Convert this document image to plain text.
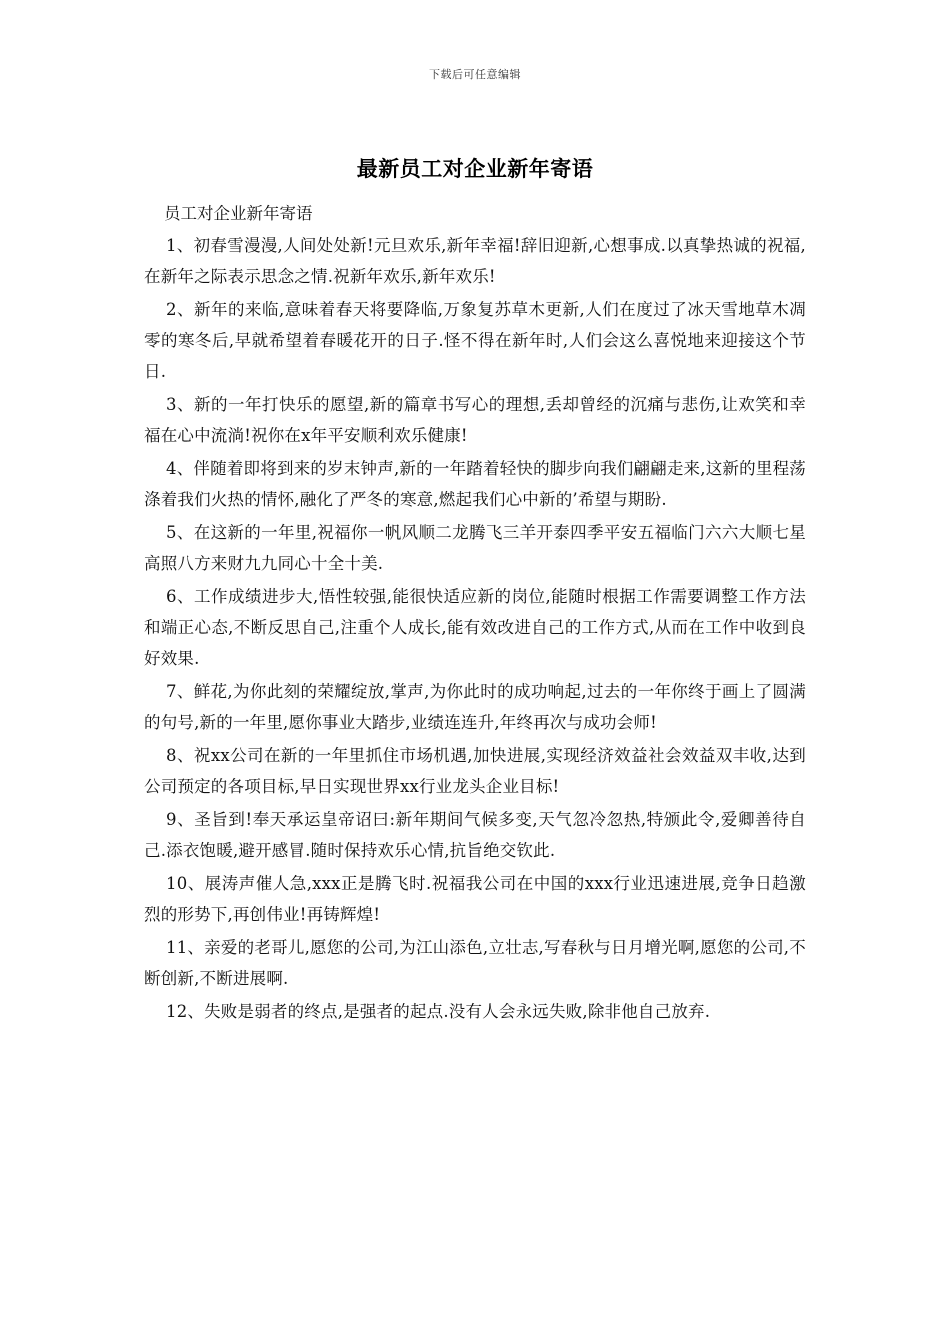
下载后可任意编辑
最新员工对企业新年寄语

员工对企业新年寄语

1、初春雪漫漫,人间处处新!元旦欢乐,新年幸福!辞旧迎新,心想事成.以真挚热诚的祝福,在新年之际表示思念之情.祝新年欢乐,新年欢乐!

2、新年的来临,意味着春天将要降临,万象复苏草木更新,人们在度过了冰天雪地草木凋零的寒冬后,早就希望着春暖花开的日子.怪不得在新年时,人们会这么喜悦地来迎接这个节日.

3、新的一年打快乐的愿望,新的篇章书写心的理想,丢却曾经的沉痛与悲伤,让欢笑和幸福在心中流淌!祝你在x年平安顺利欢乐健康!

4、伴随着即将到来的岁末钟声,新的一年踏着轻快的脚步向我们翩翩走来,这新的里程荡涤着我们火热的情怀,融化了严冬的寒意,燃起我们心中新的’希望与期盼.

5、在这新的一年里,祝福你一帆风顺二龙腾飞三羊开泰四季平安五福临门六六大顺七星高照八方来财九九同心十全十美.

6、工作成绩进步大,悟性较强,能很快适应新的岗位,能随时根据工作需要调整工作方法和端正心态,不断反思自己,注重个人成长,能有效改进自己的工作方式,从而在工作中收到良好效果.

7、鲜花,为你此刻的荣耀绽放,掌声,为你此时的成功响起,过去的一年你终于画上了圆满的句号,新的一年里,愿你事业大踏步,业绩连连升,年终再次与成功会师!

8、祝xx公司在新的一年里抓住市场机遇,加快进展,实现经济效益社会效益双丰收,达到公司预定的各项目标,早日实现世界xx行业龙头企业目标!

9、圣旨到!奉天承运皇帝诏曰:新年期间气候多变,天气忽冷忽热,特颁此令,爱卿善待自己.添衣饱暖,避开感冒.随时保持欢乐心情,抗旨绝交钦此.

10、展涛声催人急,xxx正是腾飞时.祝福我公司在中国的xxx行业迅速进展,竞争日趋激烈的形势下,再创伟业!再铸辉煌!

11、亲爱的老哥儿,愿您的公司,为江山添色,立壮志,写春秋与日月增光啊,愿您的公司,不断创新,不断进展啊.

12、失败是弱者的终点,是强者的起点.没有人会永远失败,除非他自己放弃.
